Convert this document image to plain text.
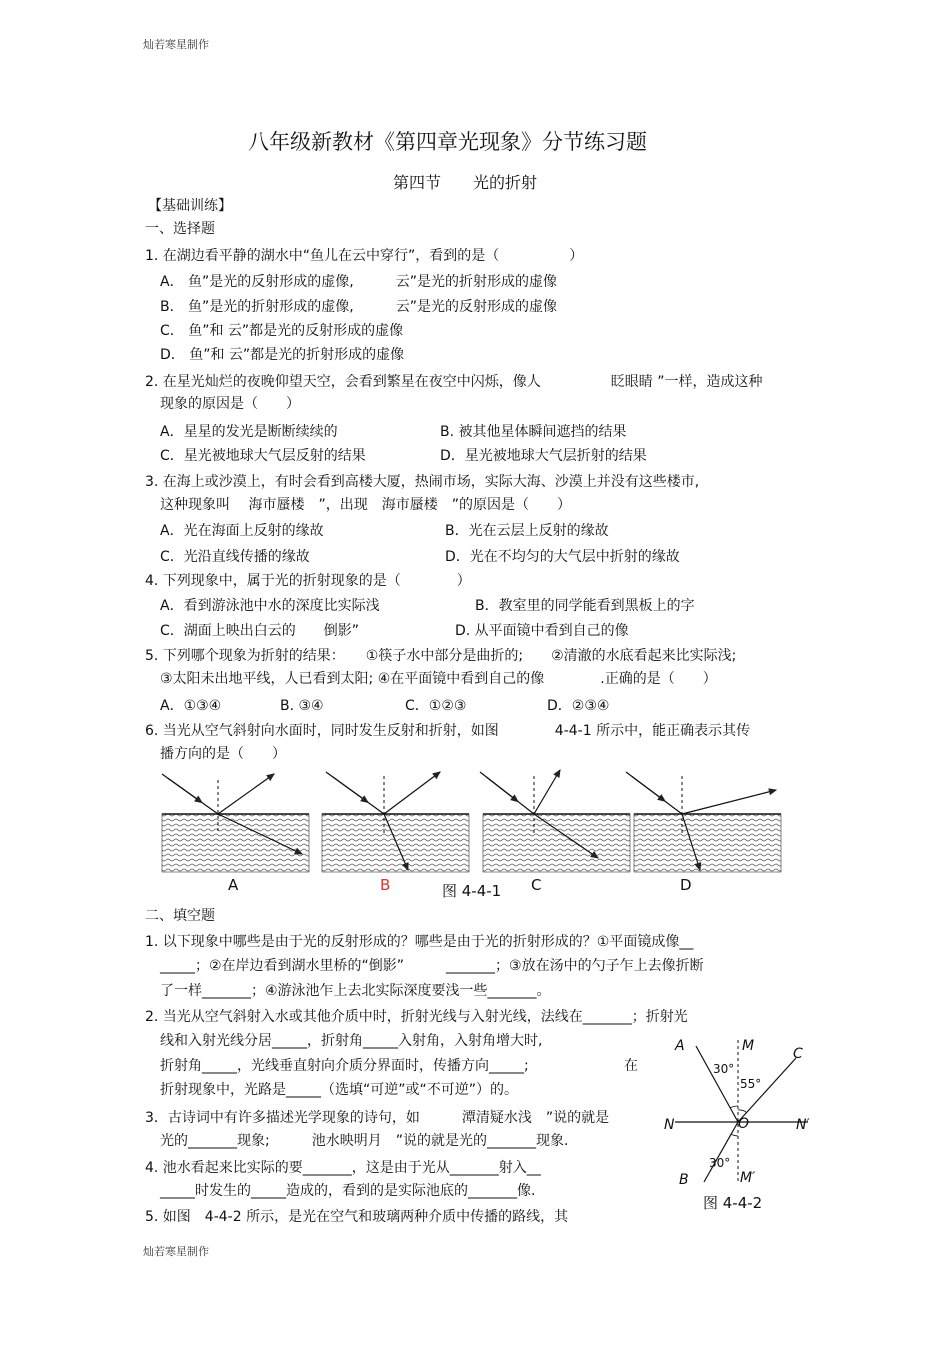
灿若寒星制作
灿若寒星制作
八年级新教材《第四章光现象》分节练习题
第四节　　光的折射
【基础训练】
一、选择题
1. 在湖边看平静的湖水中“鱼儿在云中穿行”，看到的是（　　　　　）
A． 鱼”是光的反射形成的虚像,　　　云”是光的折射形成的虚像
B． 鱼”是光的折射形成的虚像,　　　云”是光的反射形成的虚像
C． 鱼”和 云”都是光的反射形成的虚像
D． 鱼”和 云”都是光的折射形成的虚像
2. 在星光灿烂的夜晚仰望天空，会看到繁星在夜空中闪烁，像人　　　　　眨眼睛 ”一样，造成这种
现象的原因是（　　）
A．星星的发光是断断续续的	B. 被其他星体瞬间遮挡的结果
C．星光被地球大气层反射的结果	D．星光被地球大气层折射的结果
3. 在海上或沙漠上，有时会看到高楼大厦，热闹市场，实际大海、沙漠上并没有这些楼市,
这种现象叫　 海市蜃楼　”，出现　海市蜃楼　”的原因是（　　）
A．光在海面上反射的缘故	B．光在云层上反射的缘故
C．光沿直线传播的缘故	D．光在不均匀的大气层中折射的缘故
4. 下列现象中，属于光的折射现象的是（　　　　）
A．看到游泳池中水的深度比实际浅	B．教室里的同学能看到黑板上的字
C．湖面上映出白云的　　倒影”	D. 从平面镜中看到自己的像
5. 下列哪个现象为折射的结果：　　①筷子水中部分是曲折的;　　②清澈的水底看起来比实际浅;
③太阳未出地平线，人已看到太阳; ④在平面镜中看到自己的像　　　　.正确的是（　　）
A．①③④	B. ③④	C．①②③	D．②③④
6. 当光从空气斜射向水面时，同时发生反射和折射，如图　　　　4-4-1 所示中，能正确表示其传
播方向的是（　　）
A	B	图 4-4-1 C	D
二、填空题
1. 以下现象中哪些是由于光的反射形成的？哪些是由于光的折射形成的？①平面镜成像__
_____；②在岸边看到湖水里桥的“倒影”　　　_______；③放在汤中的勺子乍上去像折断
了一样_______；④游泳池乍上去北实际深度要浅一些_______。
2. 当光从空气斜射入水或其他介质中时，折射光线与入射光线，法线在_______；折射光
线和入射光线分居_____，折射角_____入射角，入射角增大时,
折射角_____，光线垂直射向介质分界面时，传播方向_____;	在
折射现象中，光路是_____（选填“可逆”或“不可逆”）的。
3．古诗词中有许多描述光学现象的诗句，如　　　潭清疑水浅　”说的就是
光的_______现象;　　　池水映明月　”说的就是光的_______现象.
4. 池水看起来比实际的要_______，这是由于光从_______射入__
_____时发生的_____造成的，看到的是实际池底的_______像.
5. 如图　4-4-2 所示，是光在空气和玻璃两种介质中传播的路线，其
A	M	C
30°
55°
N	O	N′
30°
B	M′
图 4-4-2
